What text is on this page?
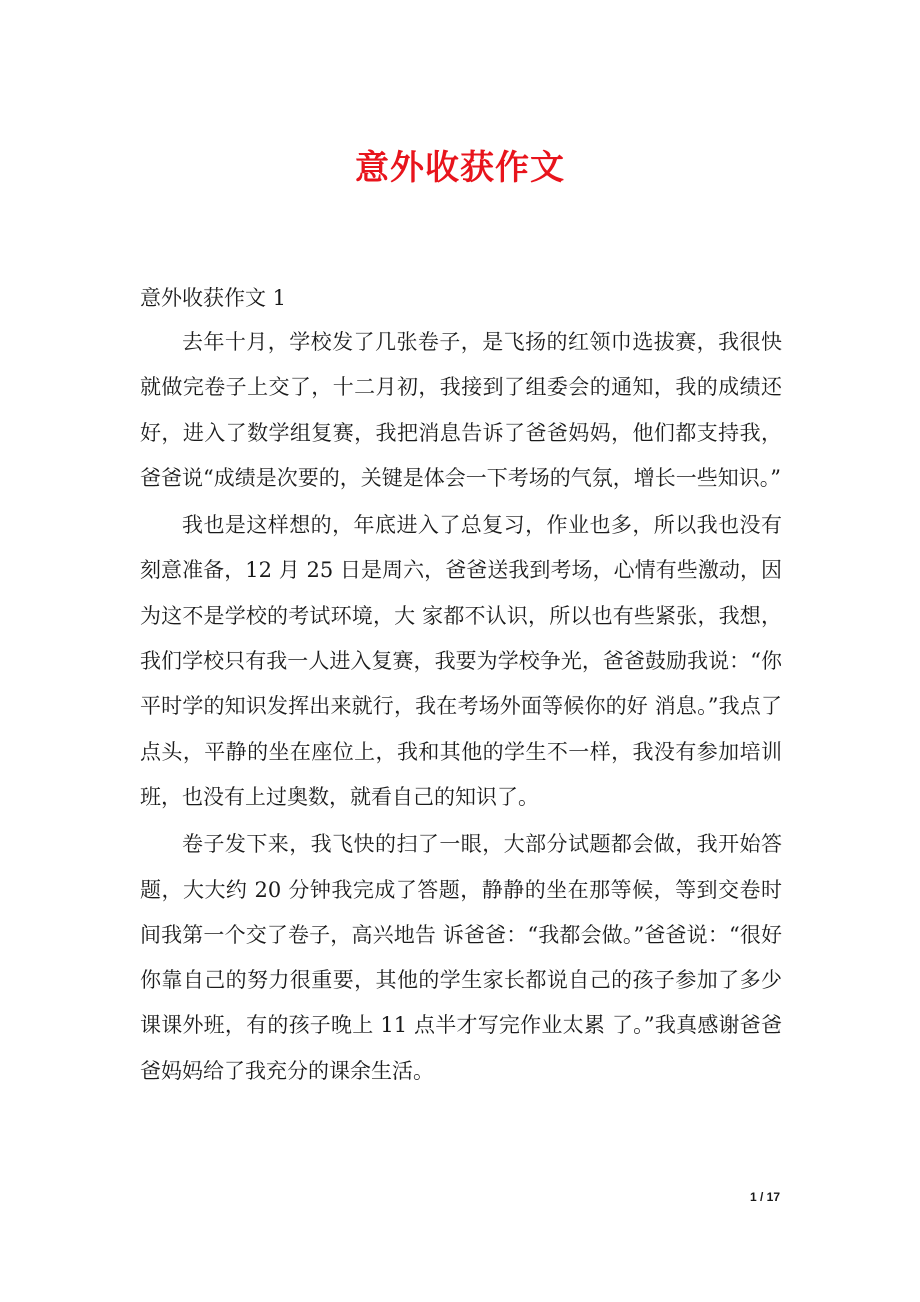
意外收获作文
意外收获作文 1

去年十月，学校发了几张卷子，是飞扬的红领巾选拔赛，我很快就做完卷子上交了，十二月初，我接到了组委会的通知，我的成绩还好，进入了数学组复赛，我把消息告诉了爸爸妈妈，他们都支持我，爸爸说“成绩是次要的，关键是体会一下考场的气氛，增长一些知识。”

我也是这样想的，年底进入了总复习，作业也多，所以我也没有刻意准备，12 月 25 日是周六，爸爸送我到考场，心情有些激动，因为这不是学校的考试环境，大 家都不认识，所以也有些紧张，我想，我们学校只有我一人进入复赛，我要为学校争光，爸爸鼓励我说：“你平时学的知识发挥出来就行，我在考场外面等候你的好 消息。”我点了点头，平静的坐在座位上，我和其他的学生不一样，我没有参加培训班，也没有上过奥数，就看自己的知识了。

卷子发下来，我飞快的扫了一眼，大部分试题都会做，我开始答题，大大约 20 分钟我完成了答题，静静的坐在那等候，等到交卷时间我第一个交了卷子，高兴地告 诉爸爸：“我都会做。”爸爸说：“很好你靠自己的努力很重要，其他的学生家长都说自己的孩子参加了多少课课外班，有的孩子晚上 11 点半才写完作业太累 了。”我真感谢爸爸爸妈妈给了我充分的课余生活。

1 / 17
